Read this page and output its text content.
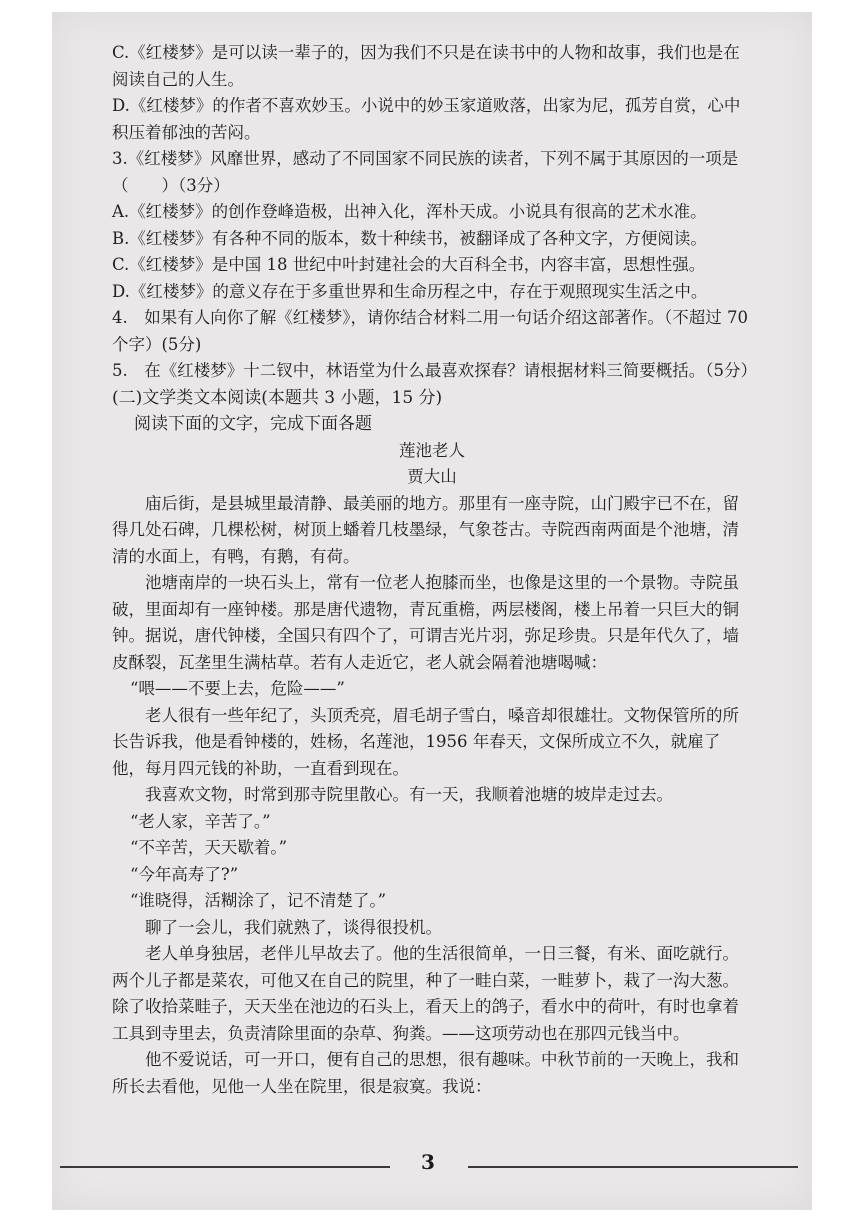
C.《红楼梦》是可以读一辈子的，因为我们不只是在读书中的人物和故事，我们也是在阅读自己的人生。

D.《红楼梦》的作者不喜欢妙玉。小说中的妙玉家道败落，出家为尼，孤芳自赏，心中积压着郁浊的苦闷。

3.《红楼梦》风靡世界，感动了不同国家不同民族的读者，下列不属于其原因的一项是（　　）（3分）

A.《红楼梦》的创作登峰造极，出神入化，浑朴天成。小说具有很高的艺术水准。

B.《红楼梦》有各种不同的版本，数十种续书，被翻译成了各种文字，方便阅读。

C.《红楼梦》是中国 18 世纪中叶封建社会的大百科全书，内容丰富，思想性强。

D.《红楼梦》的意义存在于多重世界和生命历程之中，存在于观照现实生活之中。

4.　如果有人向你了解《红楼梦》，请你结合材料二用一句话介绍这部著作。（不超过 70 个字）(5分)

5.　在《红楼梦》十二钗中，林语堂为什么最喜欢探春？请根据材料三简要概括。（5分）

(二)文学类文本阅读(本题共 3 小题，15 分)

阅读下面的文字，完成下面各题

莲池老人

贾大山

庙后街，是县城里最清静、最美丽的地方。那里有一座寺院，山门殿宇已不在，留得几处石碑，几棵松树，树顶上蟠着几枝墨绿，气象苍古。寺院西南两面是个池塘，清清的水面上，有鸭，有鹅，有荷。

池塘南岸的一块石头上，常有一位老人抱膝而坐，也像是这里的一个景物。寺院虽破，里面却有一座钟楼。那是唐代遗物，青瓦重檐，两层楼阁，楼上吊着一只巨大的铜钟。据说，唐代钟楼，全国只有四个了，可谓吉光片羽，弥足珍贵。只是年代久了，墙皮酥裂，瓦垄里生满枯草。若有人走近它，老人就会隔着池塘喝喊：

“喂——不要上去，危险——”

老人很有一些年纪了，头顶秃亮，眉毛胡子雪白，嗓音却很雄壮。文物保管所的所长告诉我，他是看钟楼的，姓杨，名莲池，1956 年春天，文保所成立不久，就雇了他，每月四元钱的补助，一直看到现在。

我喜欢文物，时常到那寺院里散心。有一天，我顺着池塘的坡岸走过去。

“老人家，辛苦了。”

“不辛苦，天天歇着。”

“今年高寿了?”

“谁晓得，活糊涂了，记不清楚了。”

聊了一会儿，我们就熟了，谈得很投机。

老人单身独居，老伴儿早故去了。他的生活很简单，一日三餐，有米、面吃就行。两个儿子都是菜农，可他又在自己的院里，种了一畦白菜，一畦萝卜，栽了一沟大葱。除了收拾菜畦子，天天坐在池边的石头上，看天上的鸽子，看水中的荷叶，有时也拿着工具到寺里去，负责清除里面的杂草、狗粪。——这项劳动也在那四元钱当中。

他不爱说话，可一开口，便有自己的思想，很有趣味。中秋节前的一天晚上，我和所长去看他，见他一人坐在院里，很是寂寞。我说：

3
